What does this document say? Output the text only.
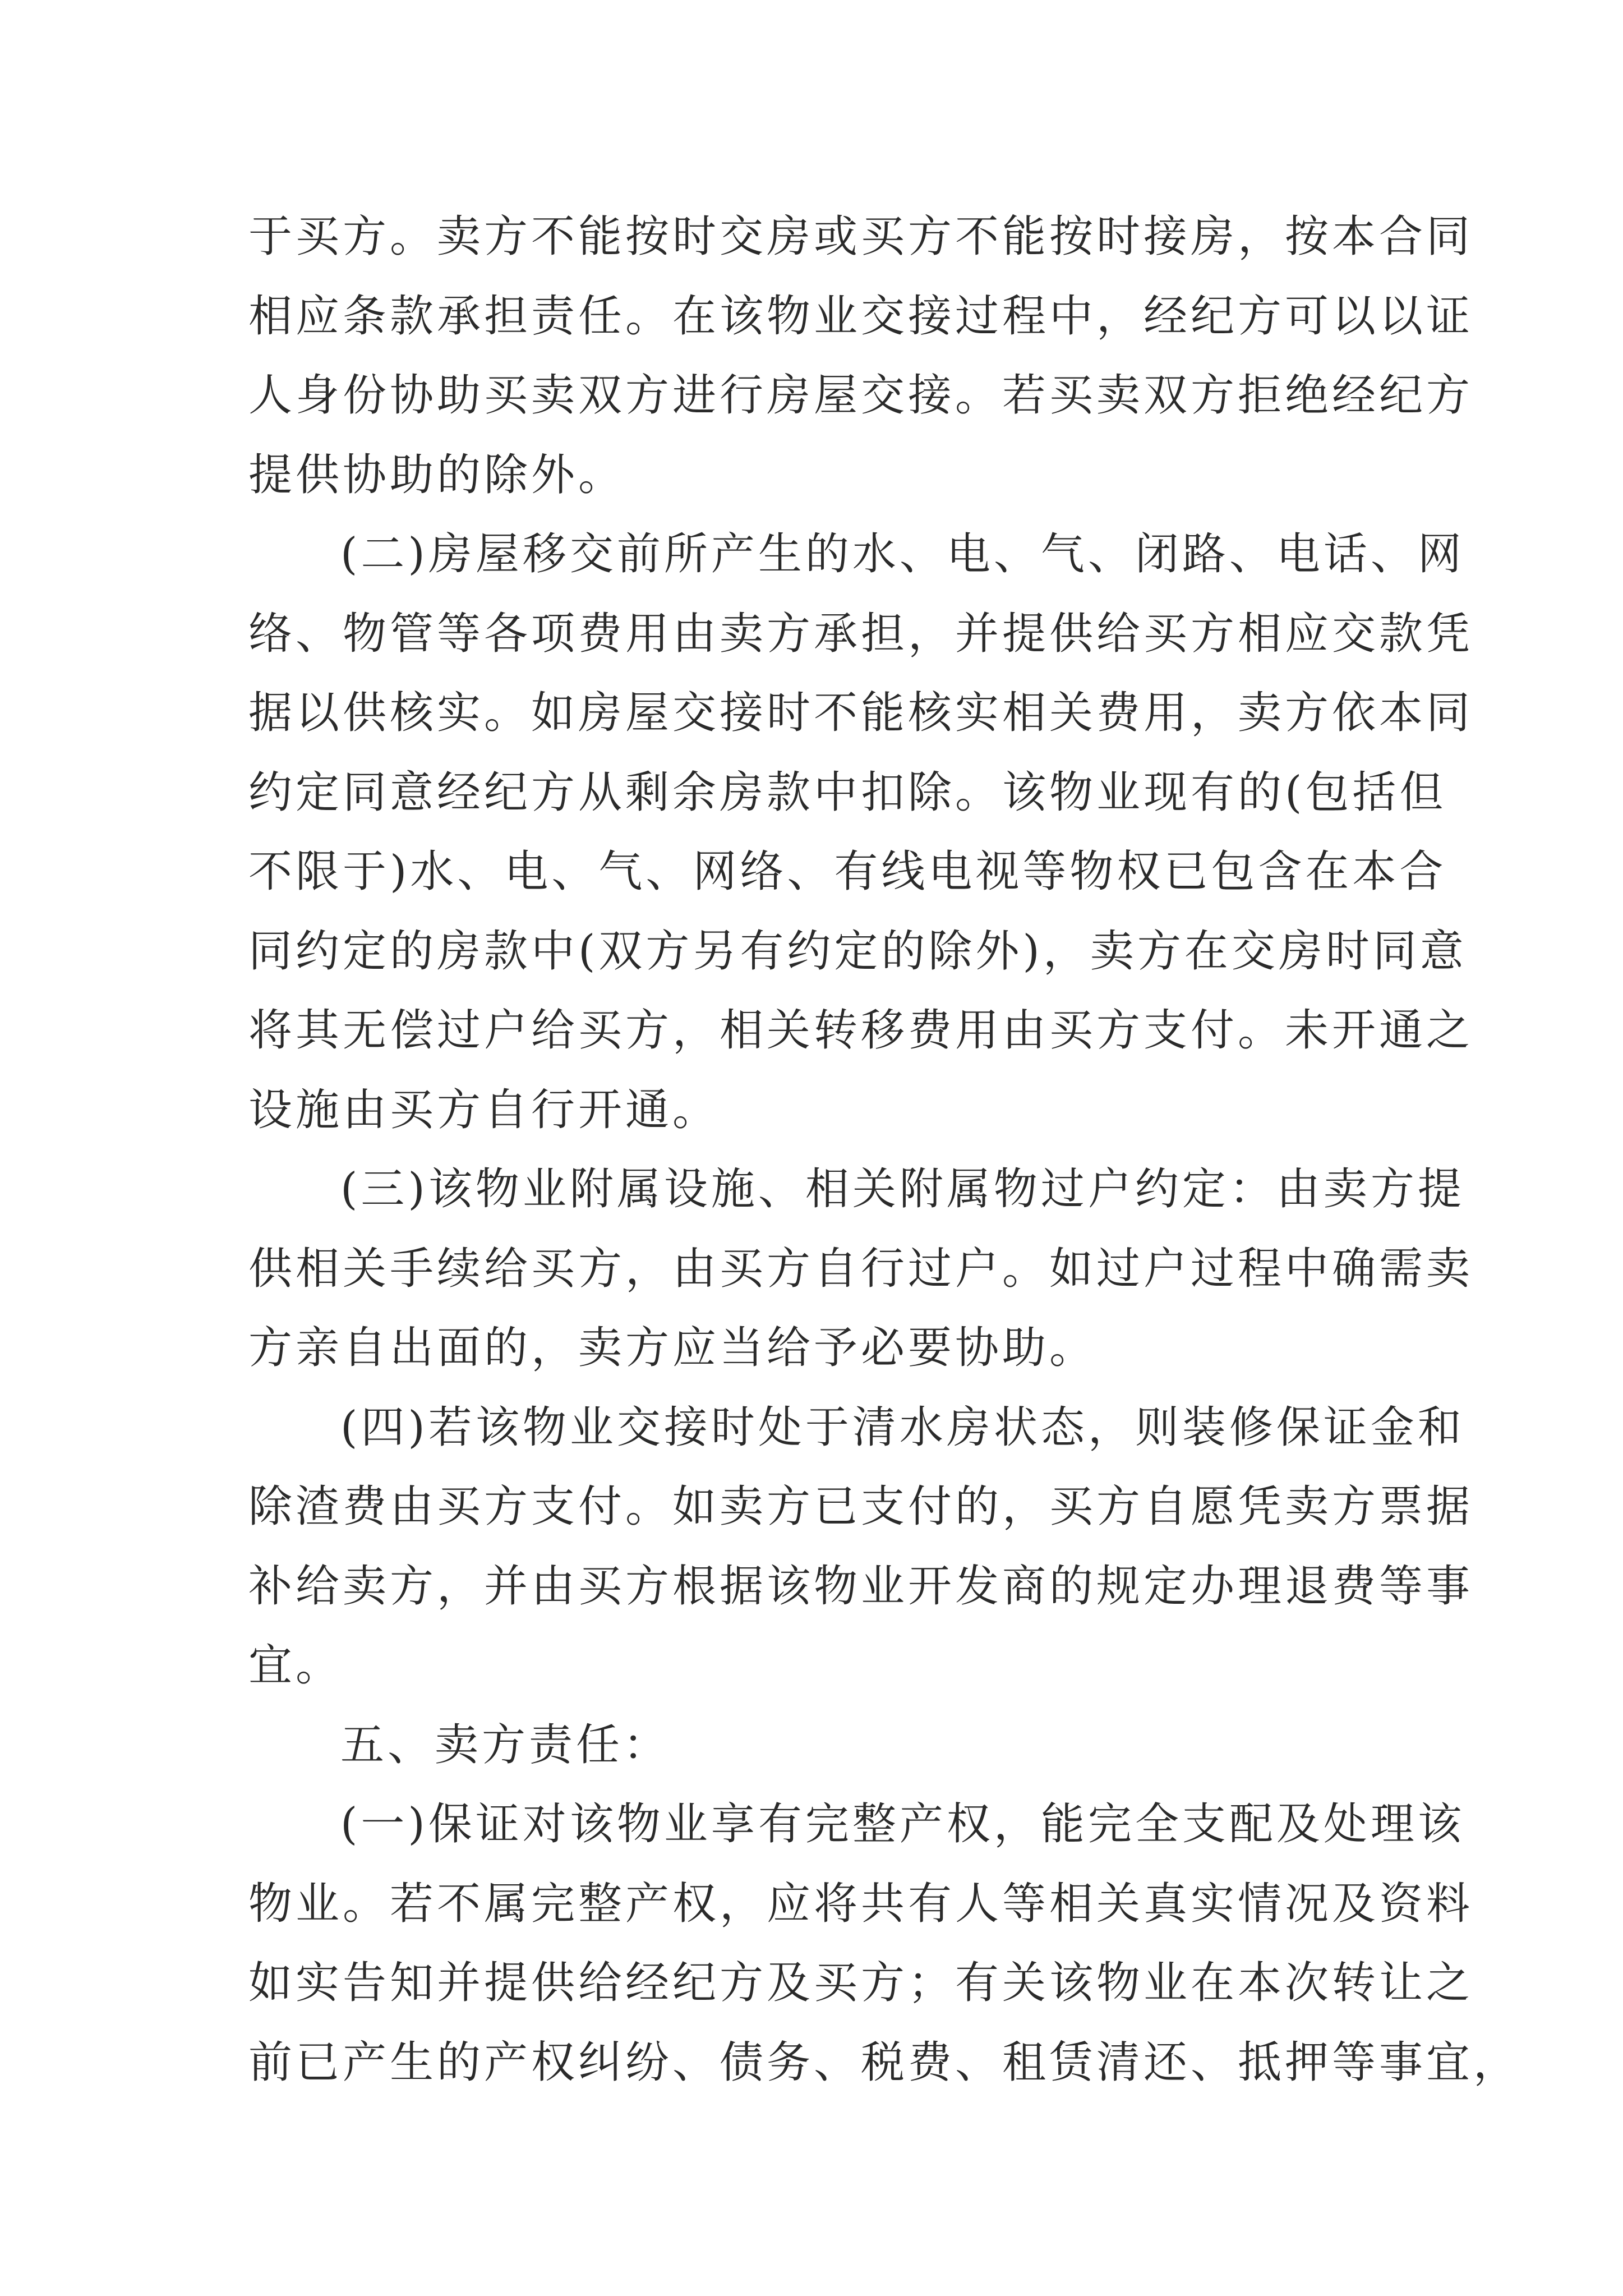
于买方。卖方不能按时交房或买方不能按时接房，按本合同
相应条款承担责任。在该物业交接过程中，经纪方可以以证
人身份协助买卖双方进行房屋交接。若买卖双方拒绝经纪方
提供协助的除外。
(二)房屋移交前所产生的水、电、气、闭路、电话、网
络、物管等各项费用由卖方承担，并提供给买方相应交款凭
据以供核实。如房屋交接时不能核实相关费用，卖方依本同
约定同意经纪方从剩余房款中扣除。该物业现有的(包括但
不限于)水、电、气、网络、有线电视等物权已包含在本合
同约定的房款中(双方另有约定的除外)，卖方在交房时同意
将其无偿过户给买方，相关转移费用由买方支付。未开通之
设施由买方自行开通。
(三)该物业附属设施、相关附属物过户约定：由卖方提
供相关手续给买方，由买方自行过户。如过户过程中确需卖
方亲自出面的，卖方应当给予必要协助。
(四)若该物业交接时处于清水房状态，则装修保证金和
除渣费由买方支付。如卖方已支付的，买方自愿凭卖方票据
补给卖方，并由买方根据该物业开发商的规定办理退费等事
宜。
五、卖方责任：
(一)保证对该物业享有完整产权，能完全支配及处理该
物业。若不属完整产权，应将共有人等相关真实情况及资料
如实告知并提供给经纪方及买方；有关该物业在本次转让之
前已产生的产权纠纷、债务、税费、租赁清还、抵押等事宜，
